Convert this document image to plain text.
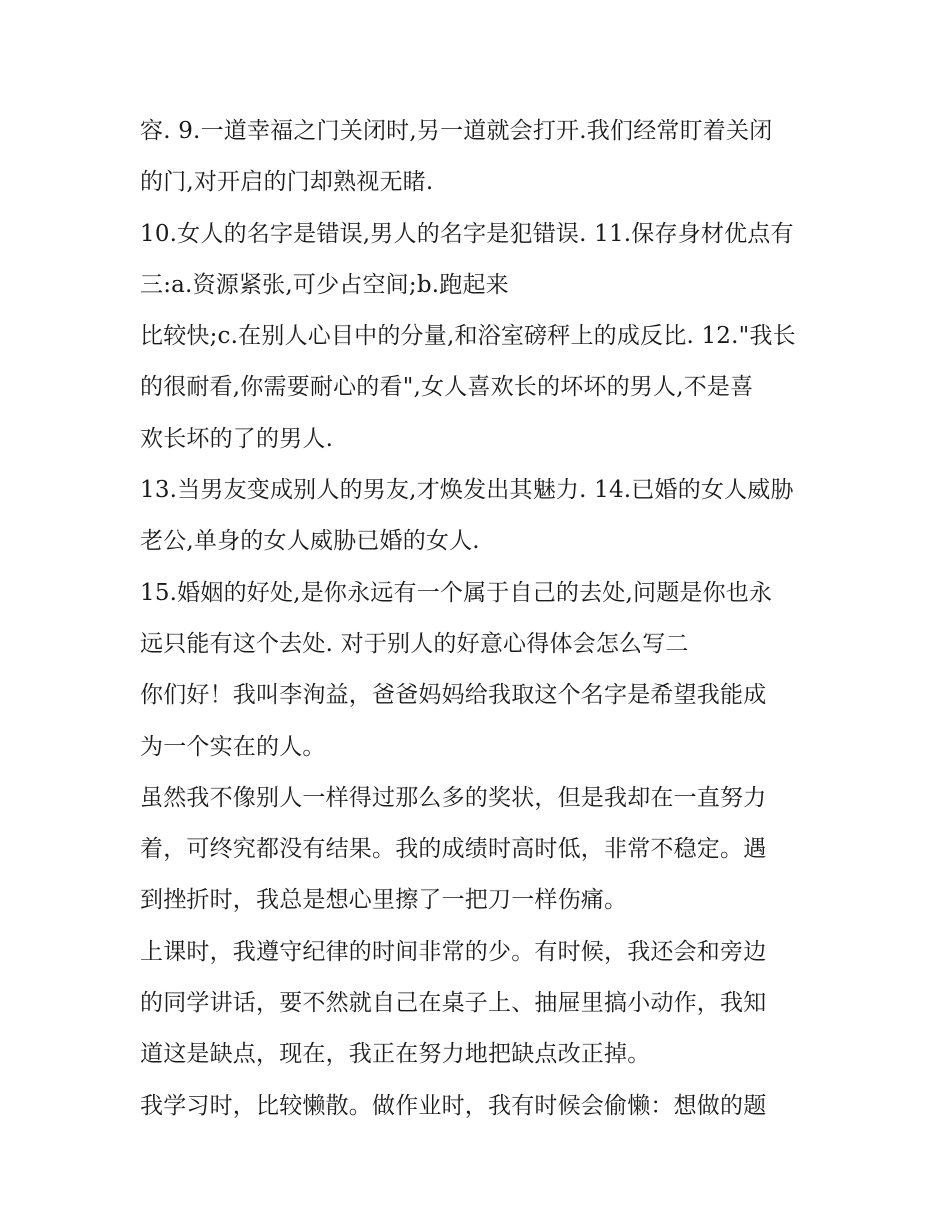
容. 9.一道幸福之门关闭时,另一道就会打开.我们经常盯着关闭
的门,对开启的门却熟视无睹.
10.女人的名字是错误,男人的名字是犯错误. 11.保存身材优点有
三:a.资源紧张,可少占空间;b.跑起来
比较快;c.在别人心目中的分量,和浴室磅秤上的成反比. 12."我长
的很耐看,你需要耐心的看",女人喜欢长的坏坏的男人,不是喜
欢长坏的了的男人.
13.当男友变成别人的男友,才焕发出其魅力. 14.已婚的女人威胁
老公,单身的女人威胁已婚的女人.
15.婚姻的好处,是你永远有一个属于自己的去处,问题是你也永
远只能有这个去处. 对于别人的好意心得体会怎么写二
你们好！我叫李洵益，爸爸妈妈给我取这个名字是希望我能成
为一个实在的人。
虽然我不像别人一样得过那么多的奖状，但是我却在一直努力
着，可终究都没有结果。我的成绩时高时低，非常不稳定。遇
到挫折时，我总是想心里擦了一把刀一样伤痛。
上课时，我遵守纪律的时间非常的少。有时候，我还会和旁边
的同学讲话，要不然就自己在桌子上、抽屉里搞小动作，我知
道这是缺点，现在，我正在努力地把缺点改正掉。
我学习时，比较懒散。做作业时，我有时候会偷懒：想做的题
